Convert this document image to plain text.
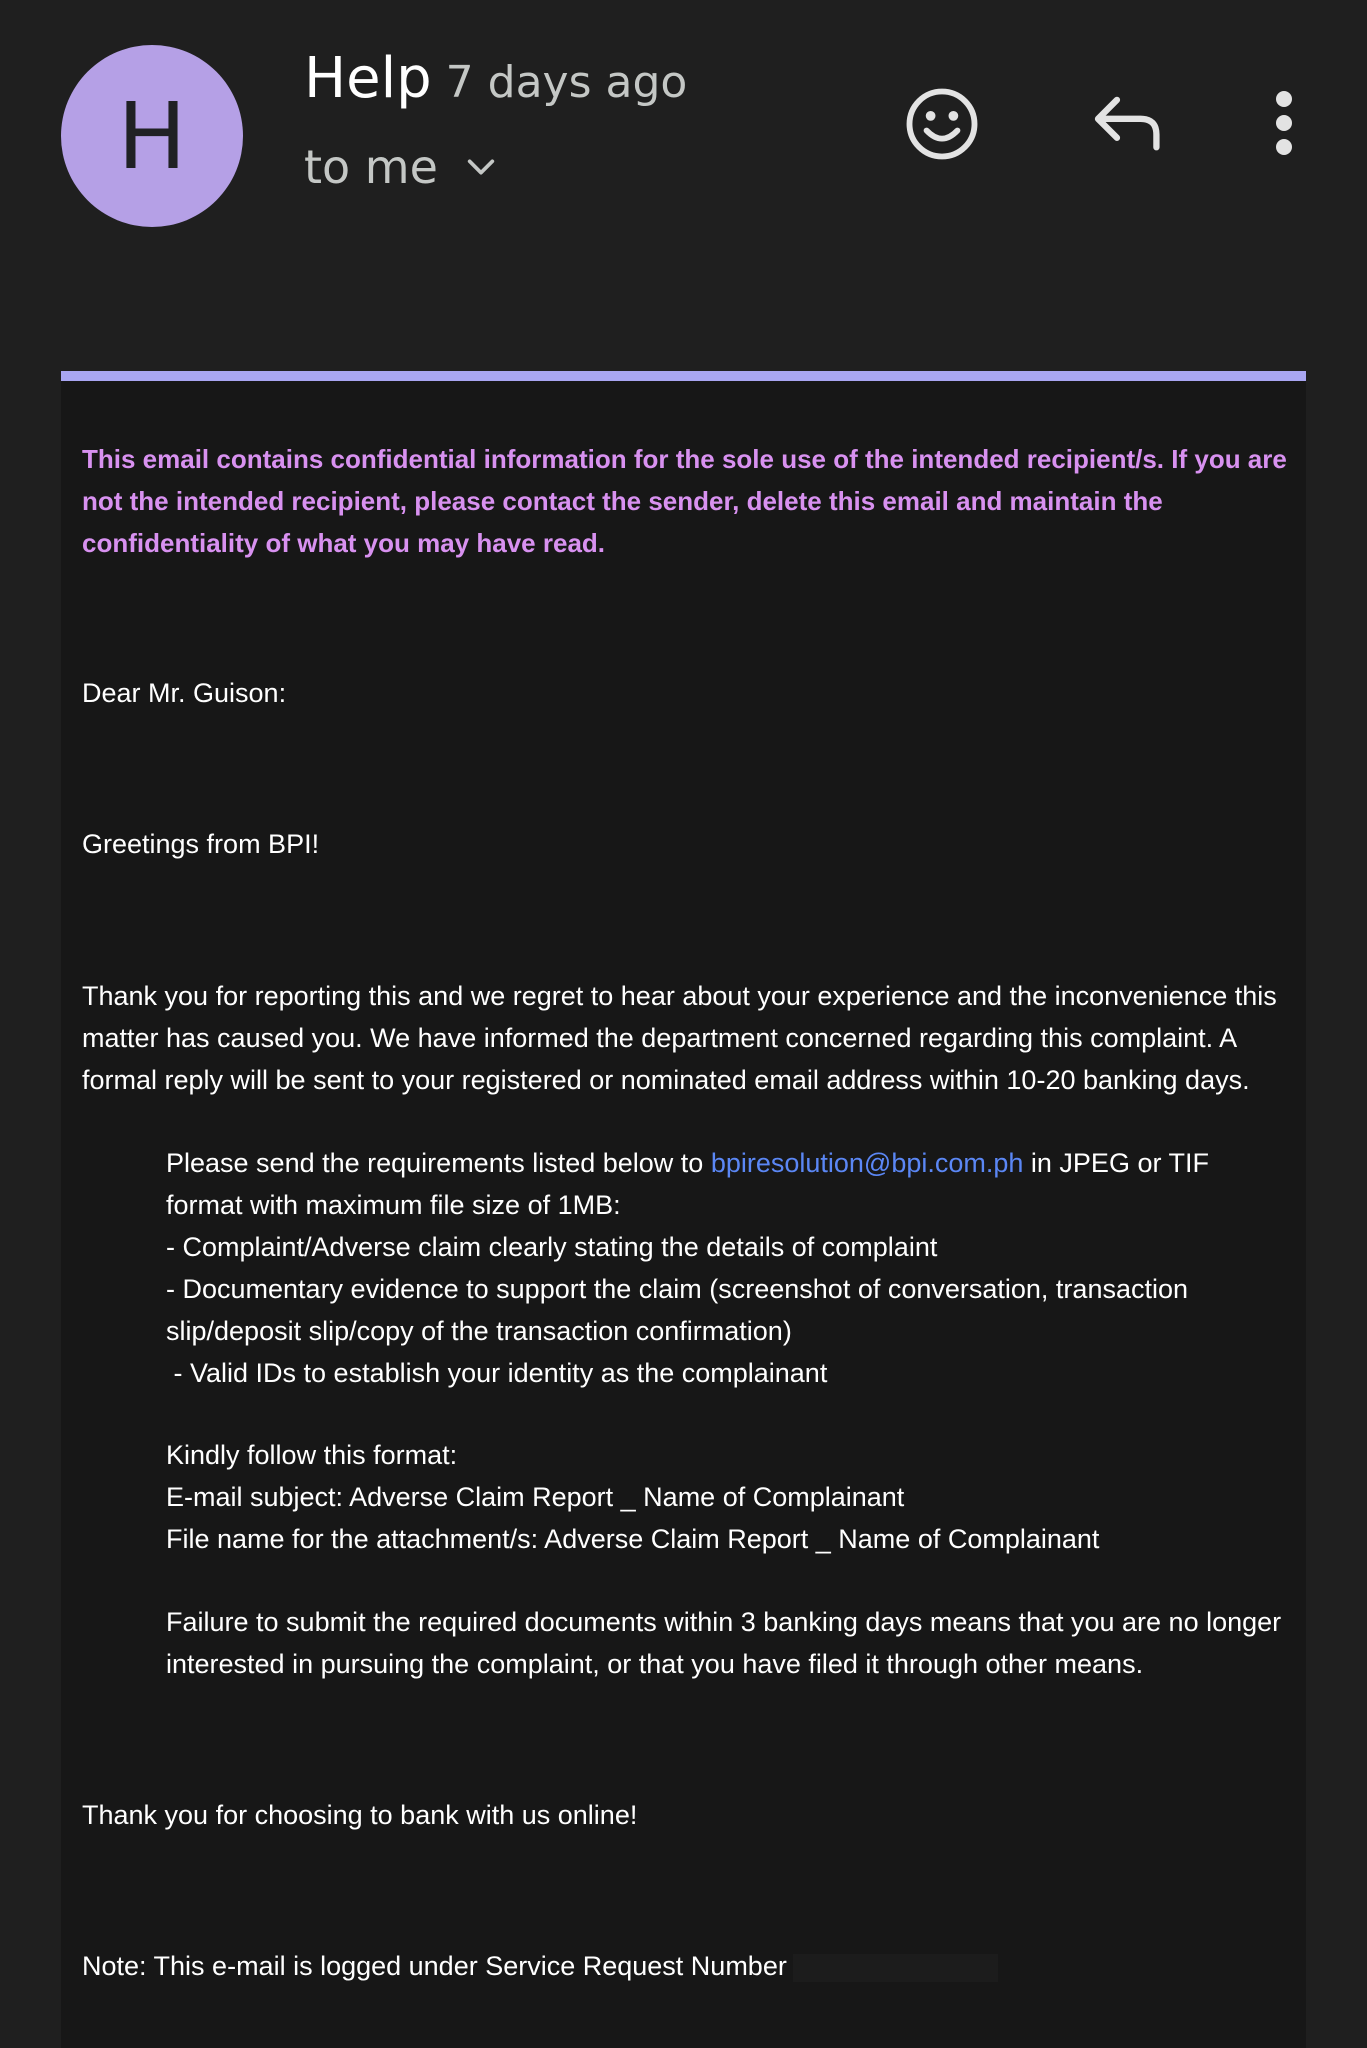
H
Help 7 days ago
to me
This email contains confidential information for the sole use of the intended recipient/s. If you are
not the intended recipient, please contact the sender, delete this email and maintain the
confidentiality of what you may have read.

Dear Mr. Guison:

Greetings from BPI!

Thank you for reporting this and we regret to hear about your experience and the inconvenience this
matter has caused you. We have informed the department concerned regarding this complaint. A
formal reply will be sent to your registered or nominated email address within 10-20 banking days.
Please send the requirements listed below to bpiresolution@bpi.com.ph in JPEG or TIF
format with maximum file size of 1MB:
- Complaint/Adverse claim clearly stating the details of complaint
- Documentary evidence to support the claim (screenshot of conversation, transaction
slip/deposit slip/copy of the transaction confirmation)
- Valid IDs to establish your identity as the complainant
Kindly follow this format:
E-mail subject: Adverse Claim Report _ Name of Complainant
File name for the attachment/s: Adverse Claim Report _ Name of Complainant
Failure to submit the required documents within 3 banking days means that you are no longer
interested in pursuing the complaint, or that you have filed it through other means.

Thank you for choosing to bank with us online!

Note: This e-mail is logged under Service Request Number
